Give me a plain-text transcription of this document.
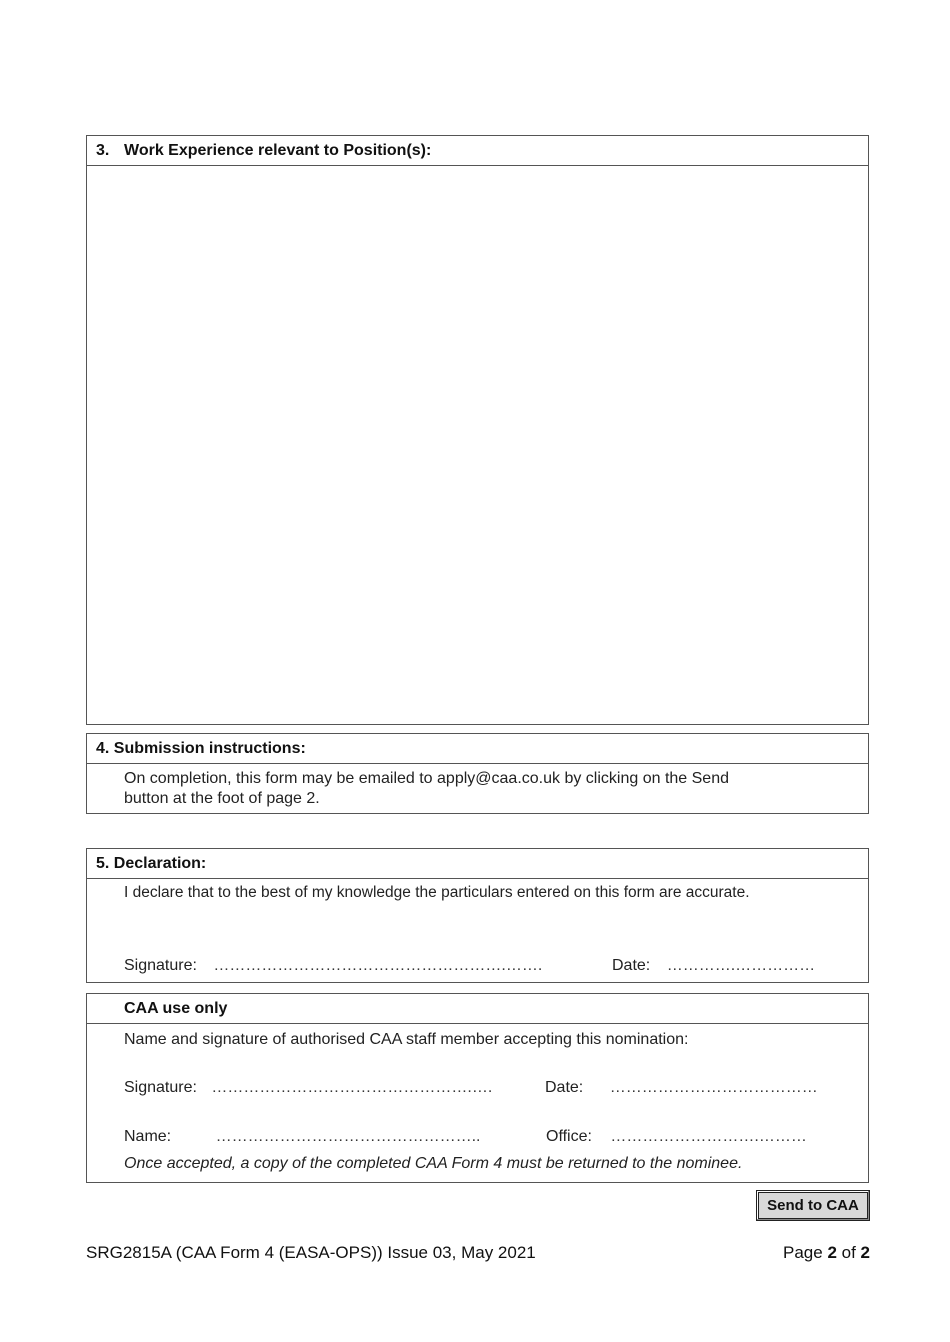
3. Work Experience relevant to Position(s):
4. Submission instructions:
On completion, this form may be emailed to apply@caa.co.uk by clicking on the Send
button at the foot of page 2.
5. Declaration:
I declare that to the best of my knowledge the particulars entered on this form are accurate.
Signature: ……………………………………………….…….	Date: ………….……………
CAA use only
Name and signature of authorised CAA staff member accepting this nomination:
Signature: ………………………………………….….	Date: …………………………………
Name:	…………………………………………..	Office: ……………………….………
Once accepted, a copy of the completed CAA Form 4 must be returned to the nominee.
Send to CAA
SRG2815A (CAA Form 4 (EASA-OPS)) Issue 03, May 2021	Page 2 of 2
